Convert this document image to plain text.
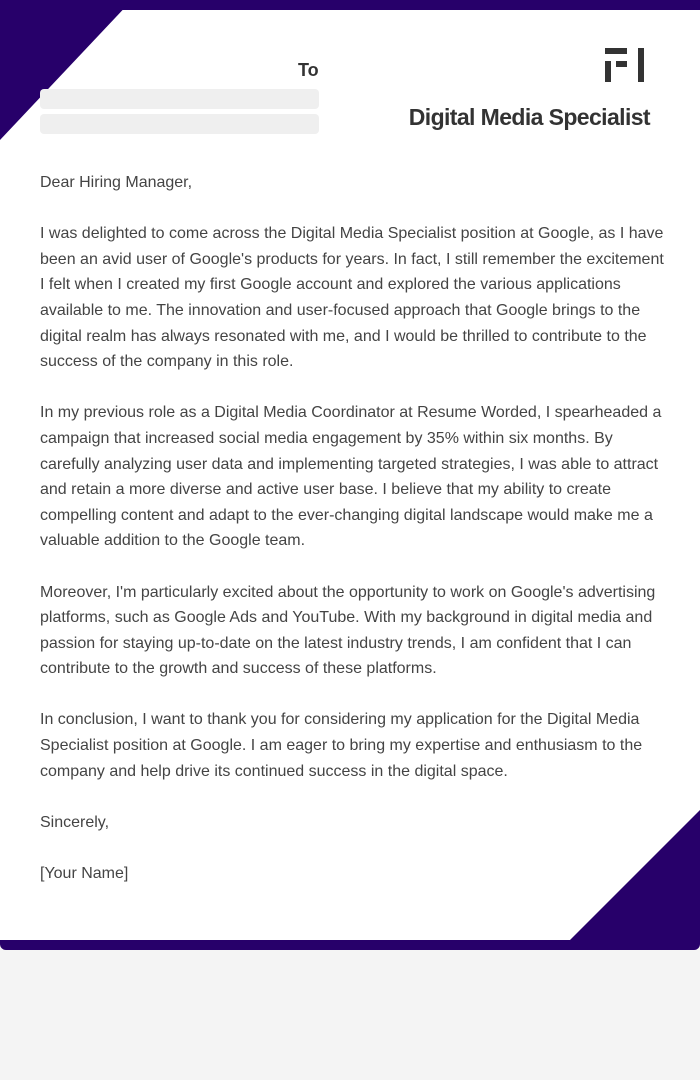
To
Digital Media Specialist

Dear Hiring Manager,

I was delighted to come across the Digital Media Specialist position at Google, as I have been an avid user of Google's products for years. In fact, I still remember the excitement I felt when I created my first Google account and explored the various applications available to me. The innovation and user-focused approach that Google brings to the digital realm has always resonated with me, and I would be thrilled to contribute to the success of the company in this role.

In my previous role as a Digital Media Coordinator at Resume Worded, I spearheaded a campaign that increased social media engagement by 35% within six months. By carefully analyzing user data and implementing targeted strategies, I was able to attract and retain a more diverse and active user base. I believe that my ability to create compelling content and adapt to the ever-changing digital landscape would make me a valuable addition to the Google team.

Moreover, I'm particularly excited about the opportunity to work on Google's advertising platforms, such as Google Ads and YouTube. With my background in digital media and passion for staying up-to-date on the latest industry trends, I am confident that I can contribute to the growth and success of these platforms.

In conclusion, I want to thank you for considering my application for the Digital Media Specialist position at Google. I am eager to bring my expertise and enthusiasm to the company and help drive its continued success in the digital space.

Sincerely,

[Your Name]
